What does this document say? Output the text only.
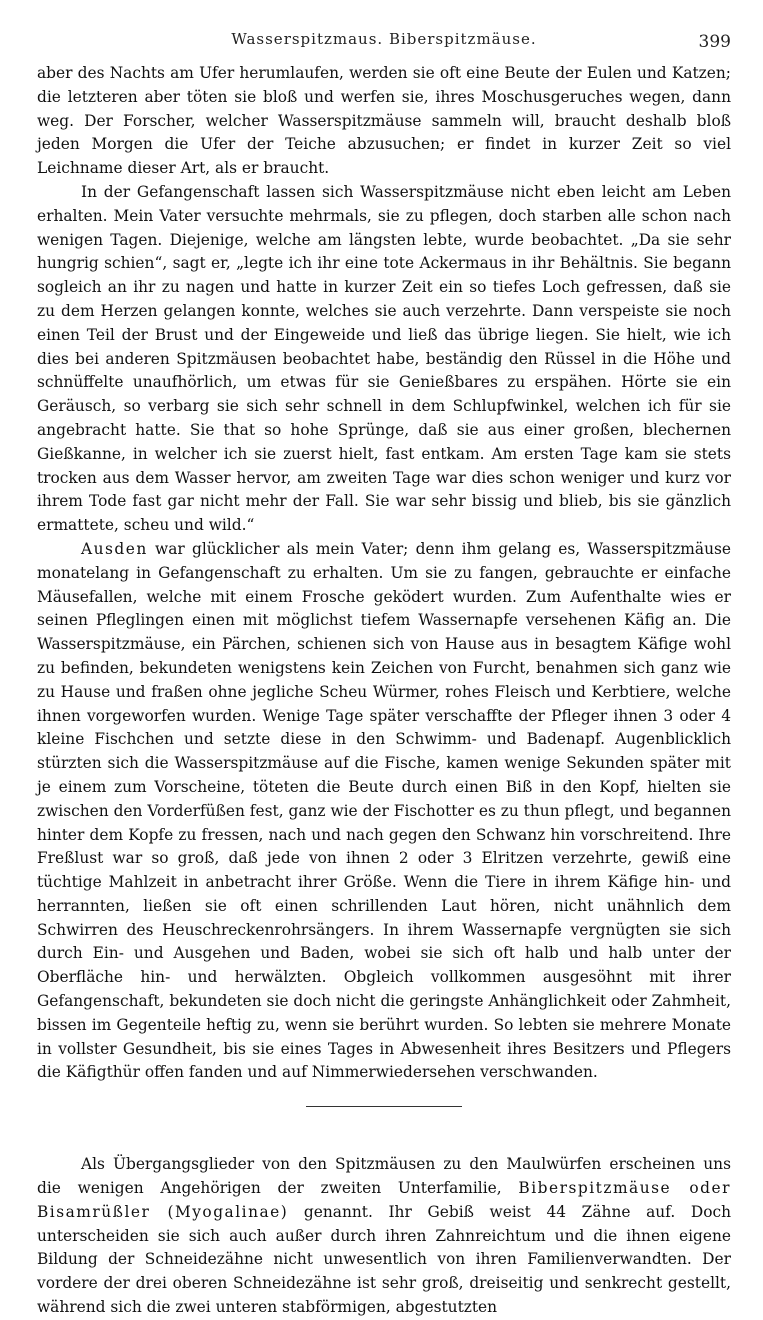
Wasserspitzmaus. Biberspitzmäuse.	399

aber des Nachts am Ufer herumlaufen, werden sie oft eine Beute der Eulen und Katzen; die letzteren aber töten sie bloß und werfen sie, ihres Moschusgeruches wegen, dann weg. Der Forscher, welcher Wasserspitzmäuse sammeln will, braucht deshalb bloß jeden Morgen die Ufer der Teiche abzusuchen; er findet in kurzer Zeit so viel Leichname dieser Art, als er braucht.

In der Gefangenschaft lassen sich Wasserspitzmäuse nicht eben leicht am Leben erhalten. Mein Vater versuchte mehrmals, sie zu pflegen, doch starben alle schon nach wenigen Tagen. Diejenige, welche am längsten lebte, wurde beobachtet. „Da sie sehr hungrig schien“, sagt er, „legte ich ihr eine tote Ackermaus in ihr Behältnis. Sie begann sogleich an ihr zu nagen und hatte in kurzer Zeit ein so tiefes Loch gefressen, daß sie zu dem Herzen gelangen konnte, welches sie auch verzehrte. Dann verspeiste sie noch einen Teil der Brust und der Eingeweide und ließ das übrige liegen. Sie hielt, wie ich dies bei anderen Spitzmäusen beobachtet habe, beständig den Rüssel in die Höhe und schnüffelte unaufhörlich, um etwas für sie Genießbares zu erspähen. Hörte sie ein Geräusch, so verbarg sie sich sehr schnell in dem Schlupfwinkel, welchen ich für sie angebracht hatte. Sie that so hohe Sprünge, daß sie aus einer großen, blechernen Gießkanne, in welcher ich sie zuerst hielt, fast entkam. Am ersten Tage kam sie stets trocken aus dem Wasser hervor, am zweiten Tage war dies schon weniger und kurz vor ihrem Tode fast gar nicht mehr der Fall. Sie war sehr bissig und blieb, bis sie gänzlich ermattete, scheu und wild.“

Ausden war glücklicher als mein Vater; denn ihm gelang es, Wasserspitzmäuse monatelang in Gefangenschaft zu erhalten. Um sie zu fangen, gebrauchte er einfache Mäusefallen, welche mit einem Frosche geködert wurden. Zum Aufenthalte wies er seinen Pfleglingen einen mit möglichst tiefem Wassernapfe versehenen Käfig an. Die Wasserspitzmäuse, ein Pärchen, schienen sich von Hause aus in besagtem Käfige wohl zu befinden, bekundeten wenigstens kein Zeichen von Furcht, benahmen sich ganz wie zu Hause und fraßen ohne jegliche Scheu Würmer, rohes Fleisch und Kerbtiere, welche ihnen vorgeworfen wurden. Wenige Tage später verschaffte der Pfleger ihnen 3 oder 4 kleine Fischchen und setzte diese in den Schwimm- und Badenapf. Augenblicklich stürzten sich die Wasserspitzmäuse auf die Fische, kamen wenige Sekunden später mit je einem zum Vorscheine, töteten die Beute durch einen Biß in den Kopf, hielten sie zwischen den Vorderfüßen fest, ganz wie der Fischotter es zu thun pflegt, und begannen hinter dem Kopfe zu fressen, nach und nach gegen den Schwanz hin vorschreitend. Ihre Freßlust war so groß, daß jede von ihnen 2 oder 3 Elritzen verzehrte, gewiß eine tüchtige Mahlzeit in anbetracht ihrer Größe. Wenn die Tiere in ihrem Käfige hin- und herrannten, ließen sie oft einen schrillenden Laut hören, nicht unähnlich dem Schwirren des Heuschreckenrohrsängers. In ihrem Wassernapfe vergnügten sie sich durch Ein- und Ausgehen und Baden, wobei sie sich oft halb und halb unter der Oberfläche hin- und herwälzten. Obgleich vollkommen ausgesöhnt mit ihrer Gefangenschaft, bekundeten sie doch nicht die geringste Anhänglichkeit oder Zahmheit, bissen im Gegenteile heftig zu, wenn sie berührt wurden. So lebten sie mehrere Monate in vollster Gesundheit, bis sie eines Tages in Abwesenheit ihres Besitzers und Pflegers die Käfigthür offen fanden und auf Nimmerwiedersehen verschwanden.

Als Übergangsglieder von den Spitzmäusen zu den Maulwürfen erscheinen uns die wenigen Angehörigen der zweiten Unterfamilie, Biberspitzmäuse oder Bisamrüßler (Myogalinae) genannt. Ihr Gebiß weist 44 Zähne auf. Doch unterscheiden sie sich auch außer durch ihren Zahnreichtum und die ihnen eigene Bildung der Schneidezähne nicht unwesentlich von ihren Familienverwandten. Der vordere der drei oberen Schneidezähne ist sehr groß, dreiseitig und senkrecht gestellt, während sich die zwei unteren stabförmigen, abgestutzten
